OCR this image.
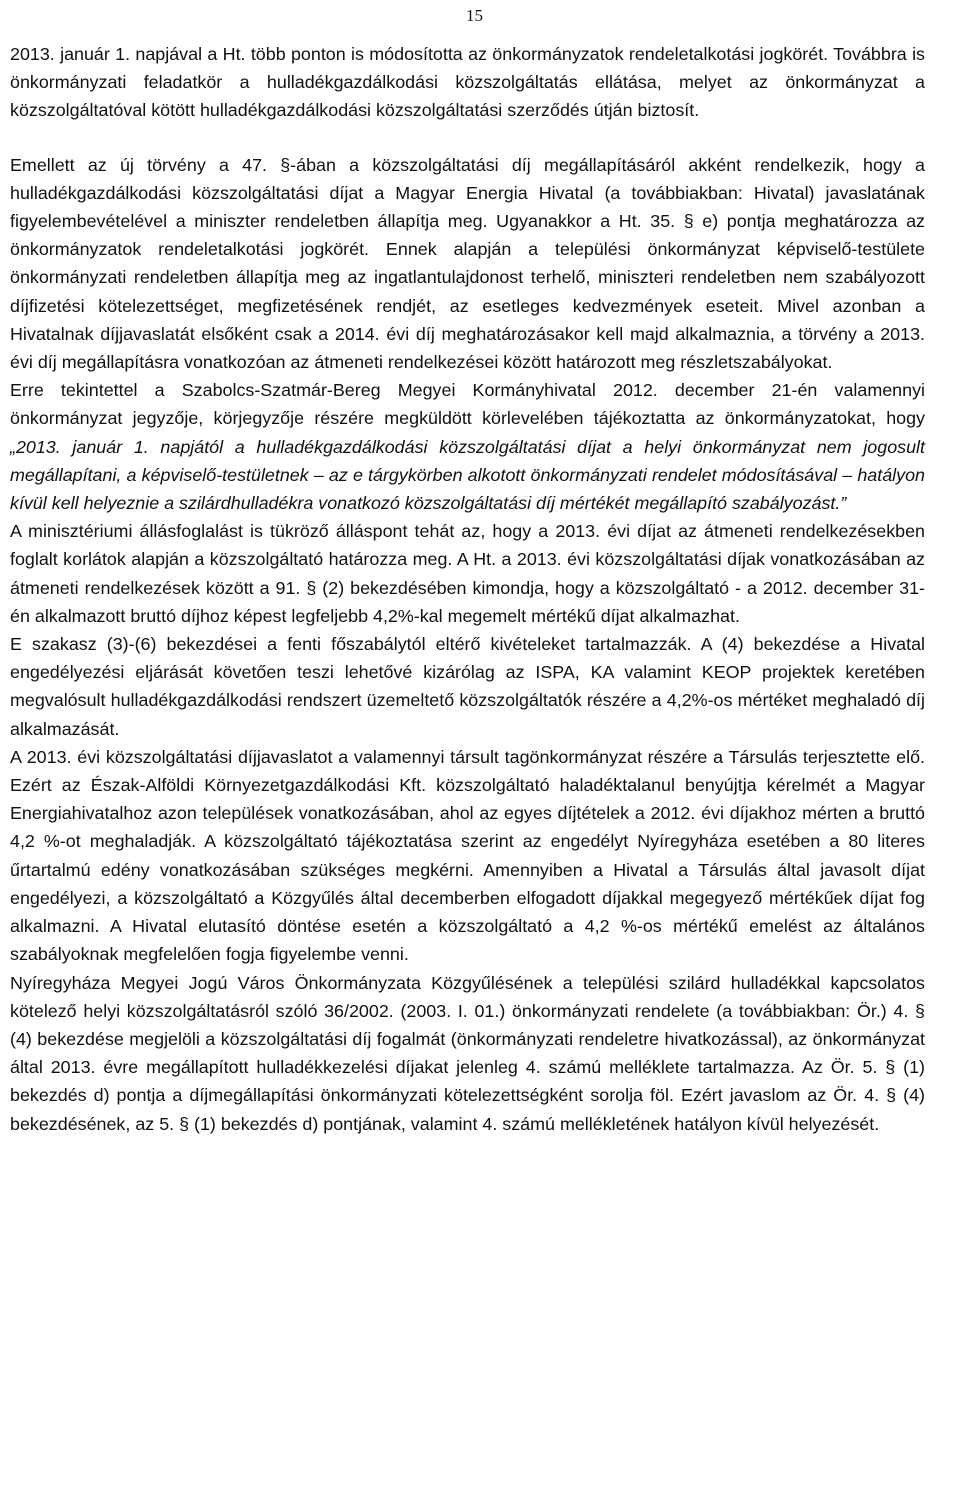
15

2013. január 1. napjával a Ht. több ponton is módosította az önkormányzatok rendeletalkotási jogkörét. Továbbra is önkormányzati feladatkör a hulladékgazdálkodási közszolgáltatás ellátása, melyet az önkormányzat a közszolgáltatóval kötött hulladékgazdálkodási közszolgáltatási szerződés útján biztosít.

Emellett az új törvény a 47. §-ában a közszolgáltatási díj megállapításáról akként rendelkezik, hogy a hulladékgazdálkodási közszolgáltatási díjat a Magyar Energia Hivatal (a továbbiakban: Hivatal) javaslatának figyelembevételével a miniszter rendeletben állapítja meg. Ugyanakkor a Ht. 35. § e) pontja meghatározza az önkormányzatok rendeletalkotási jogkörét. Ennek alapján a települési önkormányzat képviselő-testülete önkormányzati rendeletben állapítja meg az ingatlantulajdonost terhelő, miniszteri rendeletben nem szabályozott díjfizetési kötelezettséget, megfizetésének rendjét, az esetleges kedvezmények eseteit. Mivel azonban a Hivatalnak díjjavaslatát elsőként csak a 2014. évi díj meghatározásakor kell majd alkalmaznia, a törvény a 2013. évi díj megállapításra vonatkozóan az átmeneti rendelkezései között határozott meg részletszabályokat.

Erre tekintettel a Szabolcs-Szatmár-Bereg Megyei Kormányhivatal 2012. december 21-én valamennyi önkormányzat jegyzője, körjegyzője részére megküldött körlevelében tájékoztatta az önkormányzatokat, hogy „2013. január 1. napjától a hulladékgazdálkodási közszolgáltatási díjat a helyi önkormányzat nem jogosult megállapítani, a képviselő-testületnek – az e tárgykörben alkotott önkormányzati rendelet módosításával – hatályon kívül kell helyeznie a szilárdhulladékra vonatkozó közszolgáltatási díj mértékét megállapító szabályozást.”

A minisztériumi állásfoglalást is tükröző álláspont tehát az, hogy a 2013. évi díjat az átmeneti rendelkezésekben foglalt korlátok alapján a közszolgáltató határozza meg. A Ht. a 2013. évi közszolgáltatási díjak vonatkozásában az átmeneti rendelkezések között a 91. § (2) bekezdésében kimondja, hogy a közszolgáltató - a 2012. december 31-én alkalmazott bruttó díjhoz képest legfeljebb 4,2%-kal megemelt mértékű díjat alkalmazhat.

E szakasz (3)-(6) bekezdései a fenti főszabálytól eltérő kivételeket tartalmazzák. A (4) bekezdése a Hivatal engedélyezési eljárását követően teszi lehetővé kizárólag az ISPA, KA valamint KEOP projektek keretében megvalósult hulladékgazdálkodási rendszert üzemeltető közszolgáltatók részére a 4,2%-os mértéket meghaladó díj alkalmazását.

A 2013. évi közszolgáltatási díjjavaslatot a valamennyi társult tagönkormányzat részére a Társulás terjesztette elő. Ezért az Észak-Alföldi Környezetgazdálkodási Kft. közszolgáltató haladéktalanul benyújtja kérelmét a Magyar Energiahivatalhoz azon települések vonatkozásában, ahol az egyes díjtételek a 2012. évi díjakhoz mérten a bruttó 4,2 %-ot meghaladják. A közszolgáltató tájékoztatása szerint az engedélyt Nyíregyháza esetében a 80 literes űrtartalmú edény vonatkozásában szükséges megkérni. Amennyiben a Hivatal a Társulás által javasolt díjat engedélyezi, a közszolgáltató a Közgyűlés által decemberben elfogadott díjakkal megegyező mértékűek díjat fog alkalmazni. A Hivatal elutasító döntése esetén a közszolgáltató a 4,2 %-os mértékű emelést az általános szabályoknak megfelelően fogja figyelembe venni.

Nyíregyháza Megyei Jogú Város Önkormányzata Közgyűlésének a települési szilárd hulladékkal kapcsolatos kötelező helyi közszolgáltatásról szóló 36/2002. (2003. I. 01.) önkormányzati rendelete (a továbbiakban: Ör.) 4. § (4) bekezdése megjelöli a közszolgáltatási díj fogalmát (önkormányzati rendeletre hivatkozással), az önkormányzat által 2013. évre megállapított hulladékkezelési díjakat jelenleg 4. számú melléklete tartalmazza. Az Ör. 5. § (1) bekezdés d) pontja a díjmegállapítási önkormányzati kötelezettségként sorolja föl. Ezért javaslom az Ör. 4. § (4) bekezdésének, az 5. § (1) bekezdés d) pontjának, valamint 4. számú mellékletének hatályon kívül helyezését.
